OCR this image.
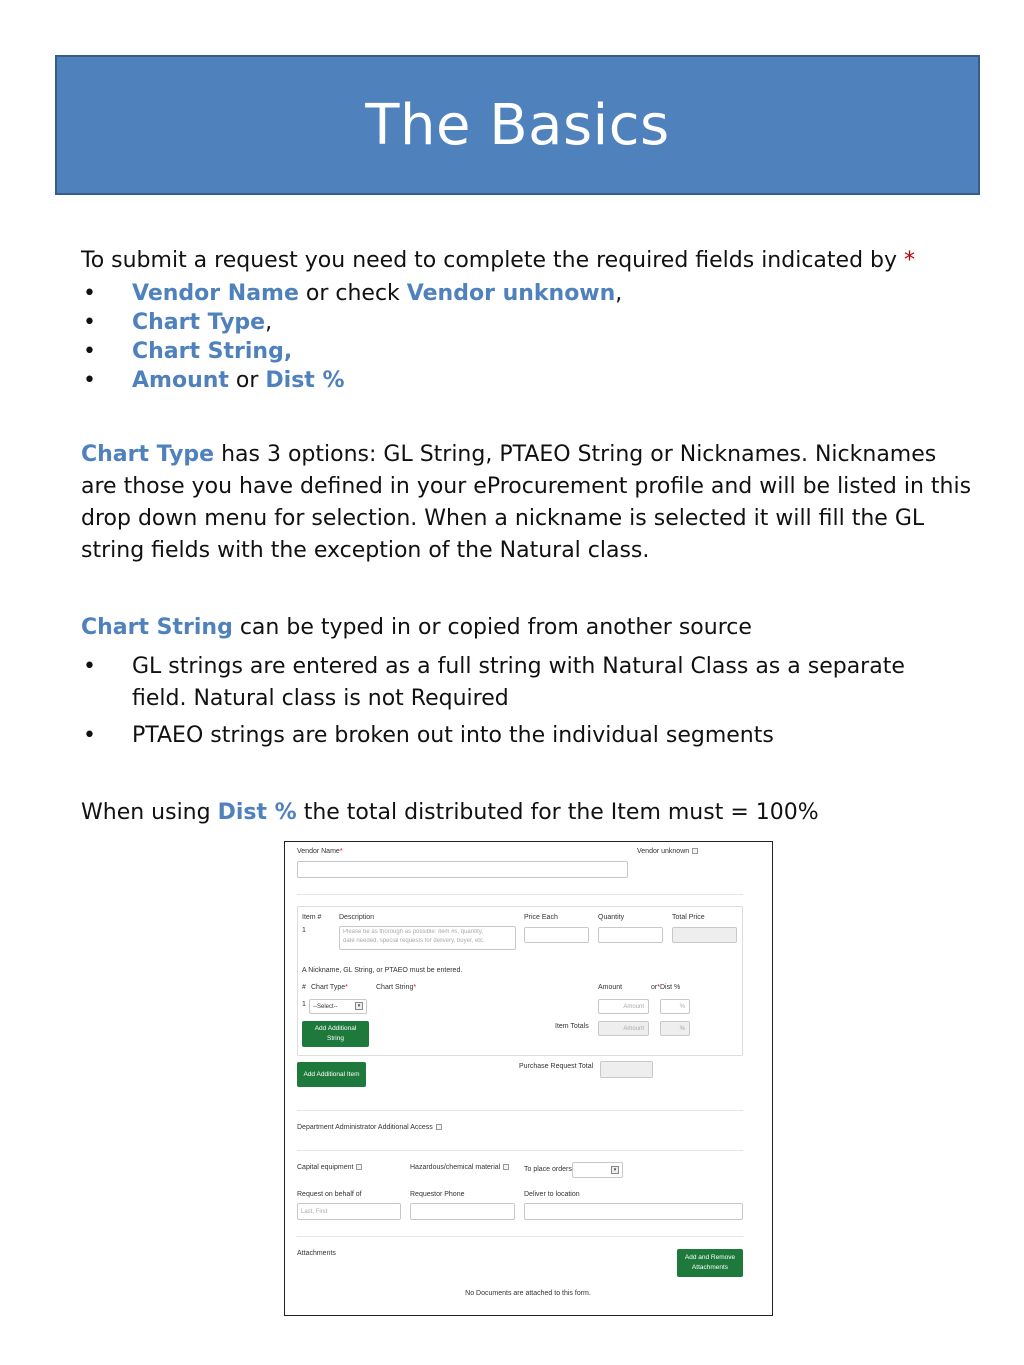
The Basics
To submit a request you need to complete the required fields indicated by *
• Vendor Name or check Vendor unknown,
• Chart Type,
• Chart String,
• Amount or Dist %
Chart Type has 3 options: GL String, PTAEO String or Nicknames. Nicknames are those you have defined in your eProcurement profile and will be listed in this drop down menu for selection. When a nickname is selected it will fill the GL string fields with the exception of the Natural class.
Chart String can be typed in or copied from another source
• GL strings are entered as a full string with Natural Class as a separate field. Natural class is not Required
• PTAEO strings are broken out into the individual segments
When using Dist % the total distributed for the Item must = 100%
Vendor Name*	Vendor unknown
Item #	Description	Price Each	Quantity	Total Price
1	Please be as thorough as possible: item #s, quantity,
date needed, special requests for delivery, buyer, etc.
A Nickname, GL String, or PTAEO must be entered.
# Chart Type*	Chart String*	Amount	or*Dist %
1	--Select--	▾	Amount	%
Add Additional String
Item Totals	Amount	%
Add Additional Item
Purchase Request Total
Department Administrator Additional Access
Capital equipment	Hazardous/chemical material	To place orders	▾
Request on behalf of	Requestor Phone	Deliver to location
Last, First
Attachments
Add and Remove Attachments
No Documents are attached to this form.
